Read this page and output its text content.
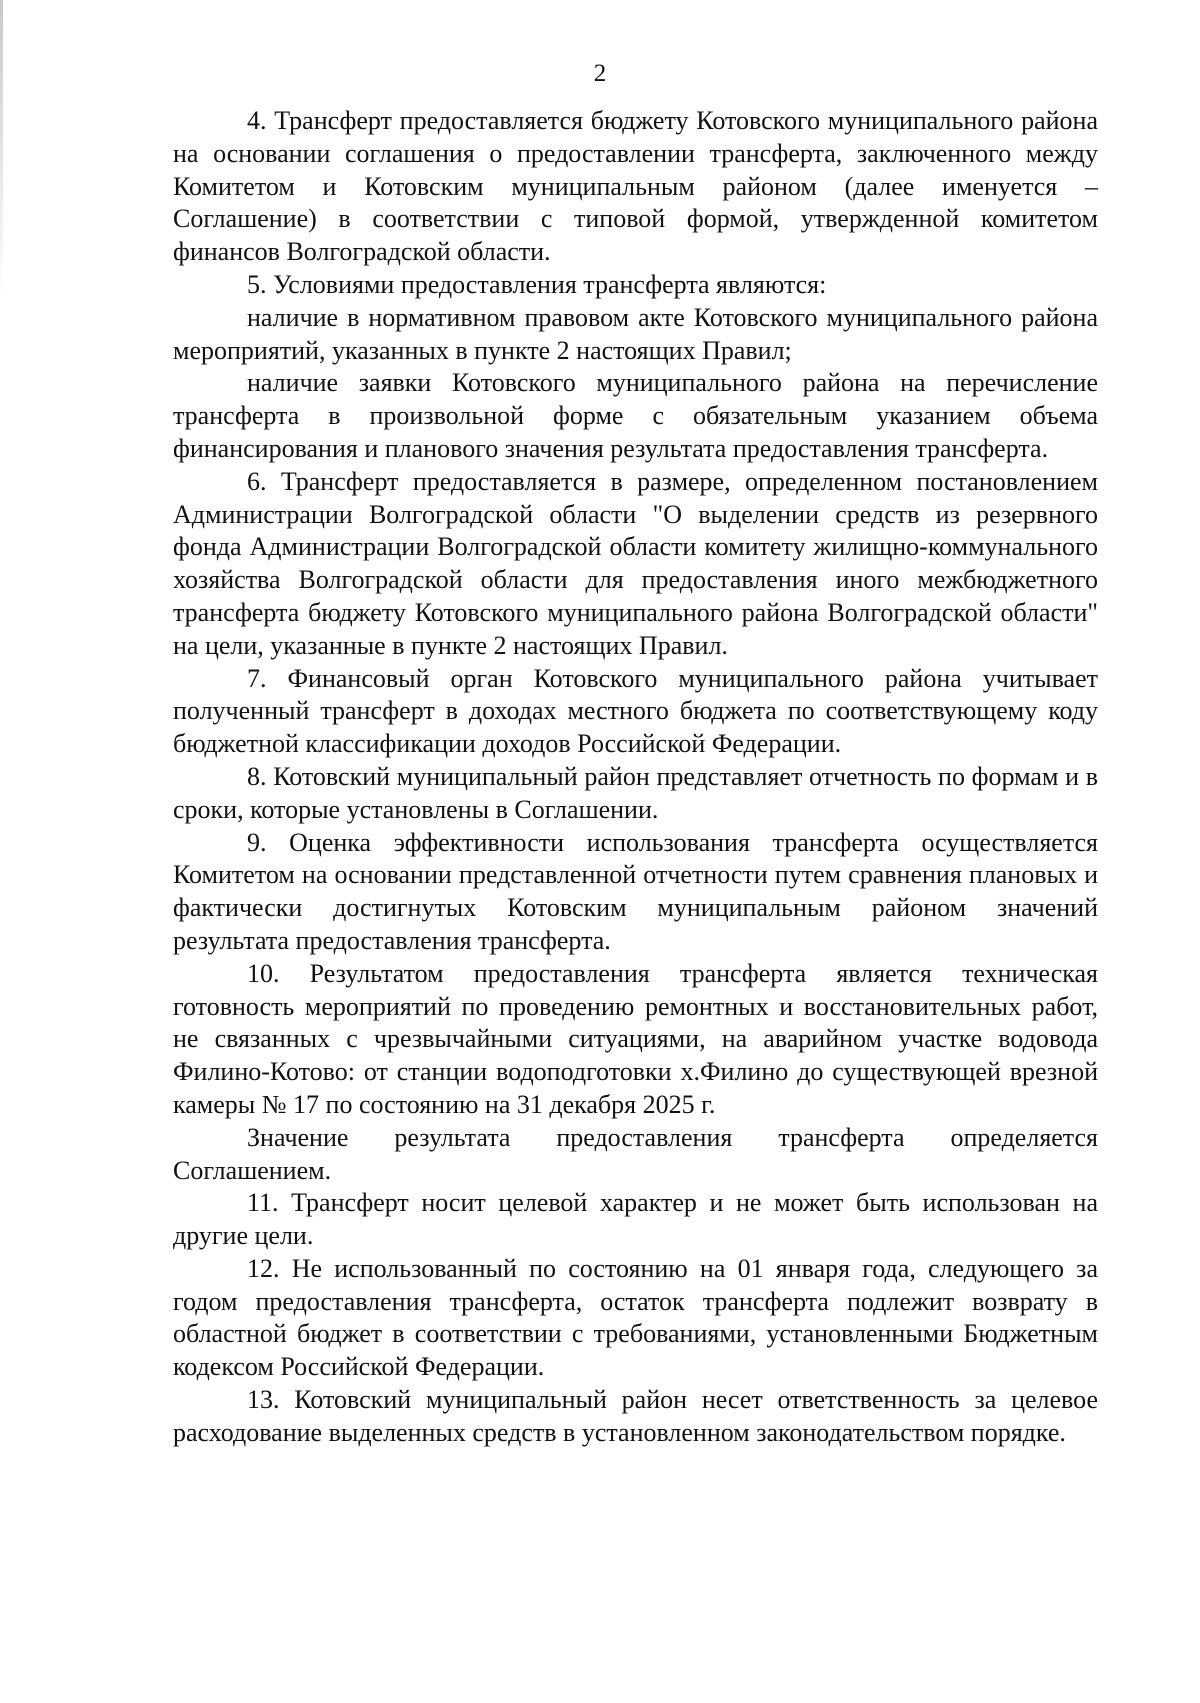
2

4. Трансферт предоставляется бюджету Котовского муниципального района на основании соглашения о предоставлении трансферта, заключенного между Комитетом и Котовским муниципальным районом (далее именуется – Соглашение) в соответствии с типовой формой, утвержденной комитетом финансов Волгоградской области.

5. Условиями предоставления трансферта являются:

наличие в нормативном правовом акте Котовского муниципального района мероприятий, указанных в пункте 2 настоящих Правил;

наличие заявки Котовского муниципального района на перечисление трансферта в произвольной форме с обязательным указанием объема финансирования и планового значения результата предоставления трансферта.

6. Трансферт предоставляется в размере, определенном постановлением Администрации Волгоградской области "О выделении средств из резервного фонда Администрации Волгоградской области комитету жилищно-коммунального хозяйства Волгоградской области для предоставления иного межбюджетного трансферта бюджету Котовского муниципального района Волгоградской области" на цели, указанные в пункте 2 настоящих Правил.

7. Финансовый орган Котовского муниципального района учитывает полученный трансферт в доходах местного бюджета по соответствующему коду бюджетной классификации доходов Российской Федерации.

8. Котовский муниципальный район представляет отчетность по формам и в сроки, которые установлены в Соглашении.

9. Оценка эффективности использования трансферта осуществляется Комитетом на основании представленной отчетности путем сравнения плановых и фактически достигнутых Котовским муниципальным районом значений результата предоставления трансферта.

10. Результатом предоставления трансферта является техническая готовность мероприятий по проведению ремонтных и восстановительных работ, не связанных с чрезвычайными ситуациями, на аварийном участке водовода Филино-Котово: от станции водоподготовки х.Филино до существующей врезной камеры № 17 по состоянию на 31 декабря 2025 г.

Значение результата предоставления трансферта определяется Соглашением.

11. Трансферт носит целевой характер и не может быть использован на другие цели.

12. Не использованный по состоянию на 01 января года, следующего за годом предоставления трансферта, остаток трансферта подлежит возврату в областной бюджет в соответствии с требованиями, установленными Бюджетным кодексом Российской Федерации.

13. Котовский муниципальный район несет ответственность за целевое расходование выделенных средств в установленном законодательством порядке.
